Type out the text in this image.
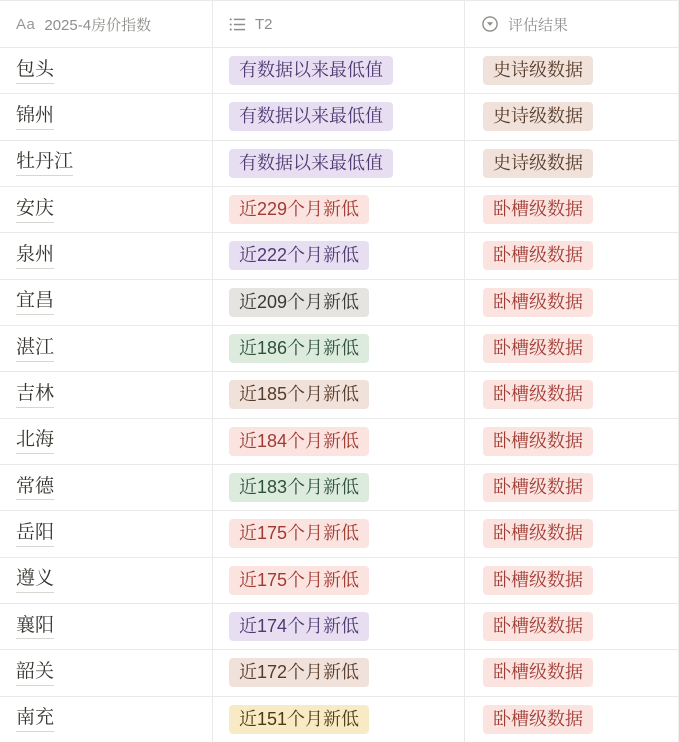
Aa 2025-4房价指数	T2	评估结果
包头	有数据以来最低值	史诗级数据
锦州	有数据以来最低值	史诗级数据
牡丹江	有数据以来最低值	史诗级数据
安庆	近229个月新低	卧槽级数据
泉州	近222个月新低	卧槽级数据
宜昌	近209个月新低	卧槽级数据
湛江	近186个月新低	卧槽级数据
吉林	近185个月新低	卧槽级数据
北海	近184个月新低	卧槽级数据
常德	近183个月新低	卧槽级数据
岳阳	近175个月新低	卧槽级数据
遵义	近175个月新低	卧槽级数据
襄阳	近174个月新低	卧槽级数据
韶关	近172个月新低	卧槽级数据
南充	近151个月新低	卧槽级数据
